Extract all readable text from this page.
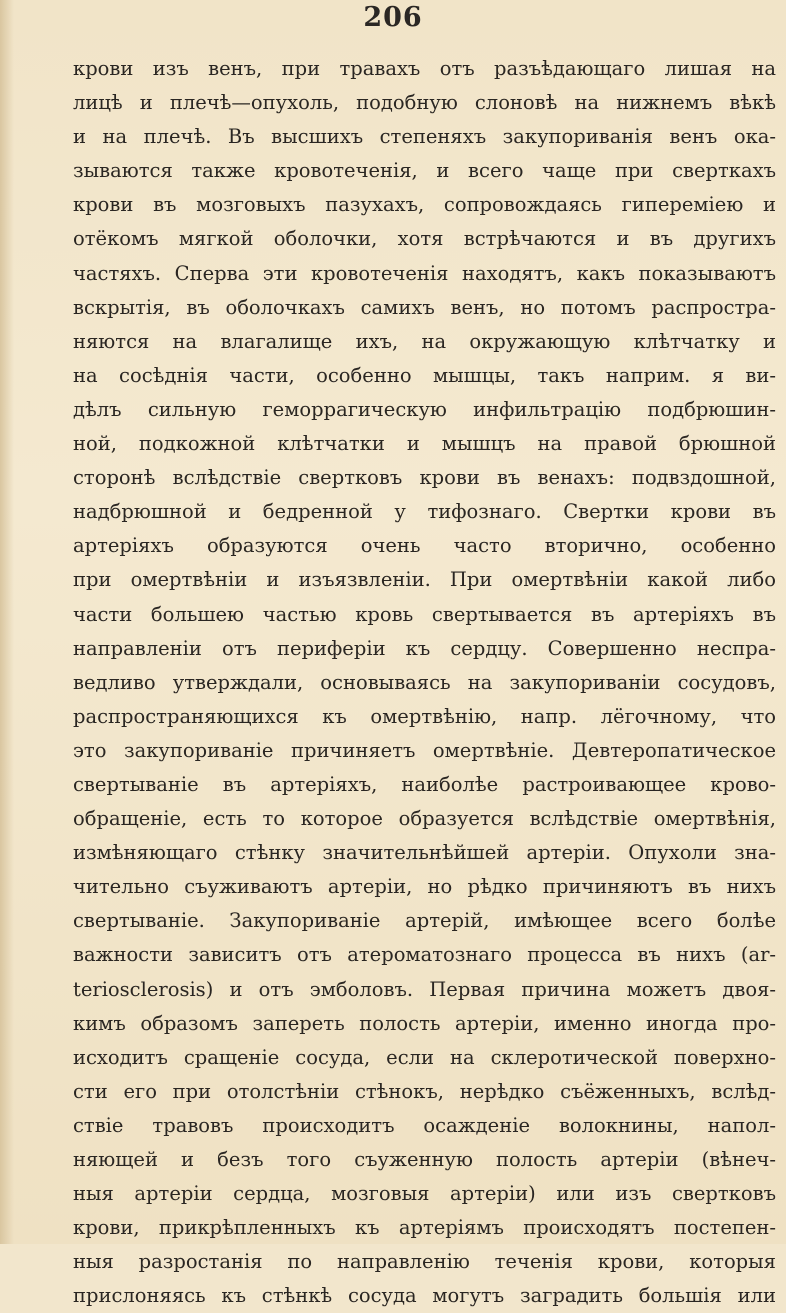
206
крови изъ венъ, при травахъ отъ разъѣдающаго лишая на
лицѣ и плечѣ—опухоль, подобную слоновѣ на нижнемъ вѣкѣ
и на плечѣ. Въ высшихъ степеняхъ закупориванія венъ ока-
зываются также кровотеченія, и всего чаще при сверткахъ
крови въ мозговыхъ пазухахъ, сопровождаясь гиперемiею и
отёкомъ мягкой оболочки, хотя встрѣчаются и въ другихъ
частяхъ. Сперва эти кровотеченія находятъ, какъ показываютъ
вскрытія, въ оболочкахъ самихъ венъ, но потомъ распростра-
няются на влагалище ихъ, на окружающую клѣтчатку и
на сосѣднія части, особенно мышцы, такъ наприм. я ви-
дѣлъ сильную геморрагическую инфильтрацію подбрюшин-
ной, подкожной клѣтчатки и мышцъ на правой брюшной
сторонѣ вслѣдствіе свертковъ крови въ венахъ: подвздошной,
надбрюшной и бедренной у тифознаго. Свертки крови въ
артеріяхъ образуются очень часто вторично, особенно
при омертвѣніи и изъязвленіи. При омертвѣніи какой либо
части большею частью кровь свертывается въ артеріяхъ въ
направленіи отъ периферіи къ сердцу. Совершенно неспра-
ведливо утверждали, основываясь на закупориваніи сосудовъ,
распространяющихся къ омертвѣнію, напр. лёгочному, что
это закупориваніе причиняетъ омертвѣніе. Девтеропатическое
свертываніе въ артеріяхъ, наиболѣе растроивающее крово-
обращеніе, есть то которое образуется вслѣдствіе омертвѣнія,
измѣняющаго стѣнку значительнѣйшей артеріи. Опухоли зна-
чительно съуживаютъ артеріи, но рѣдко причиняютъ въ нихъ
свертываніе. Закупориваніе артерій, имѣющее всего болѣе
важности зависитъ отъ атероматознаго процесса въ нихъ (ar-
teriosclerosis) и отъ эмболовъ. Первая причина можетъ двоя-
кимъ образомъ запереть полость артеріи, именно иногда про-
исходитъ сращеніе сосуда, если на склеротической поверхно-
сти его при отолстѣніи стѣнокъ, нерѣдко съёженныхъ, вслѣд-
ствіе травовъ происходитъ осажденіе волокнины, напол-
няющей и безъ того съуженную полость артеріи (вѣнеч-
ныя артеріи сердца, мозговыя артеріи) или изъ свертковъ
крови, прикрѣпленныхъ къ артеріямъ происходятъ постепен-
ныя разростанія по направленію теченія крови, которыя
прислоняясь къ стѣнкѣ сосуда могутъ заградить большія или
